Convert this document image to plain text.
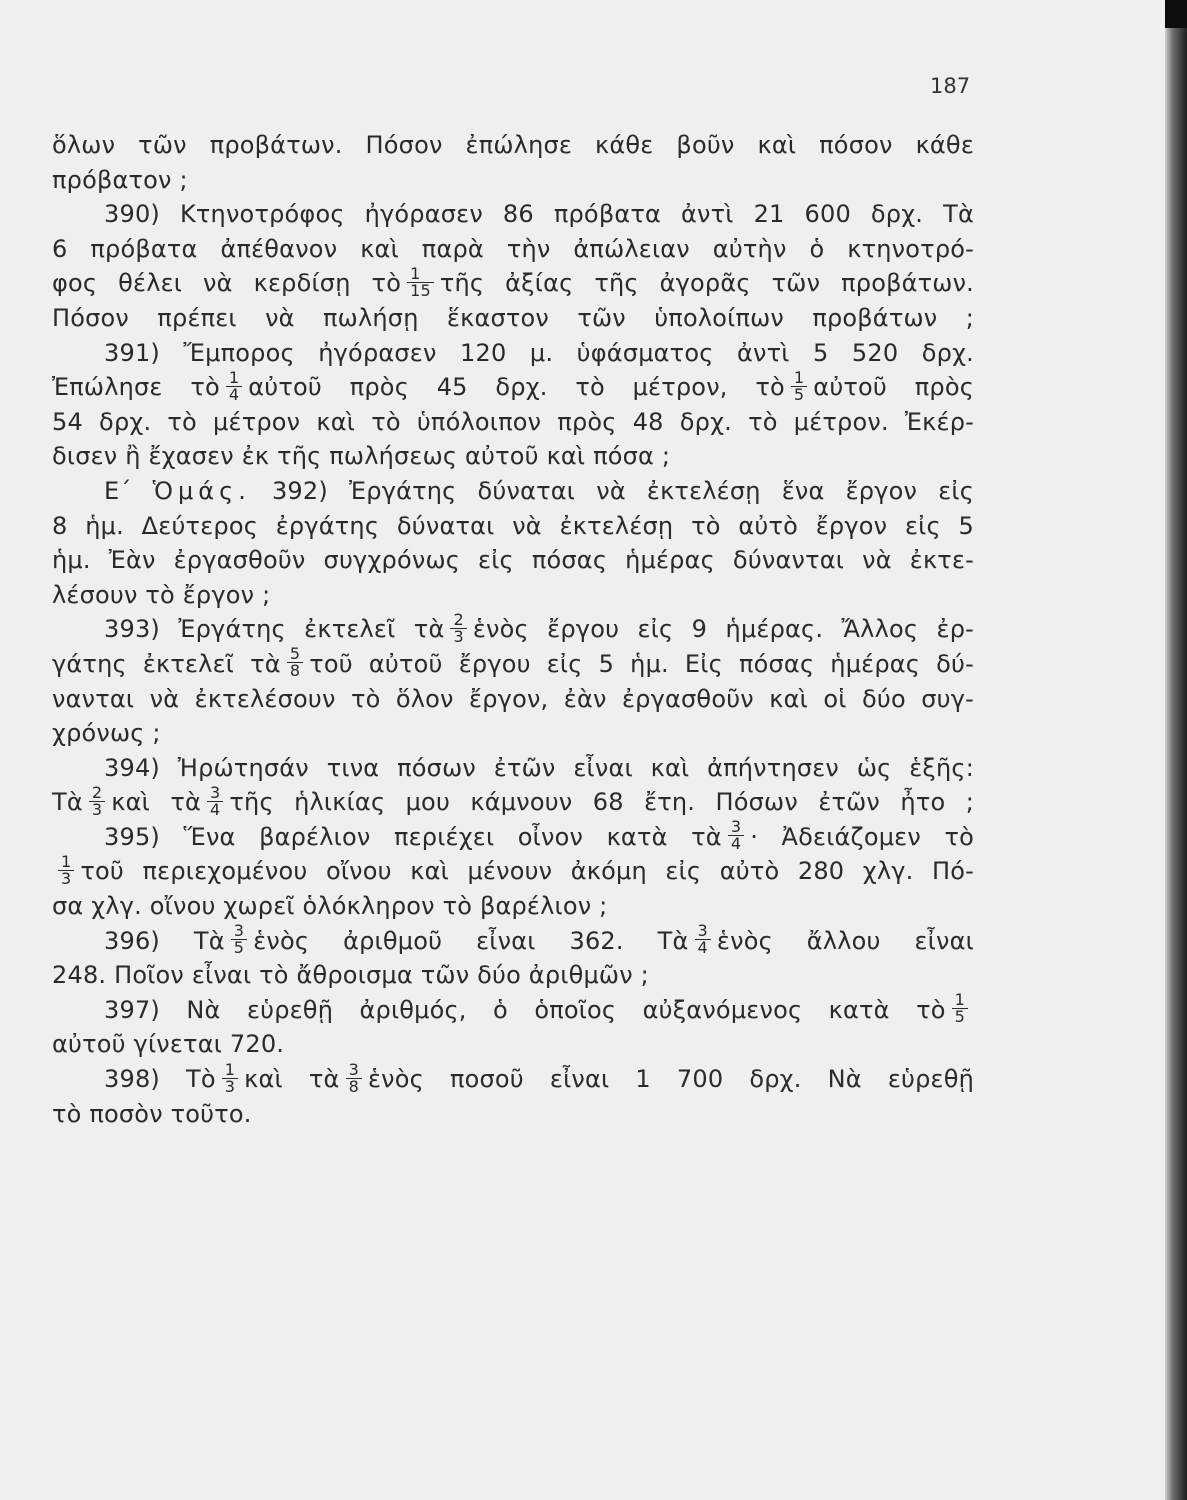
187
ὅλων τῶν προβάτων. Πόσον ἐπώλησε κάθε βοῦν καὶ πόσον κάθε
πρόβατον ;
390) Κτηνοτρόφος ἠγόρασεν 86 πρόβατα ἀντὶ 21 600 δρχ. Τὰ
6 πρόβατα ἀπέθανον καὶ παρὰ τὴν ἀπώλειαν αὐτὴν ὁ κτηνοτρό-
φος θέλει νὰ κερδίσῃ τὸ $\frac{1}{15}$ τῆς ἀξίας τῆς ἀγορᾶς τῶν προβάτων.
Πόσον πρέπει νὰ πωλήσῃ ἕκαστον τῶν ὑπολοίπων προβάτων ;
391) Ἔμπορος ἠγόρασεν 120 μ. ὑφάσματος ἀντὶ 5 520 δρχ.
Ἐπώλησε τὸ $\frac{1}{4}$ αὐτοῦ πρὸς 45 δρχ. τὸ μέτρον, τὸ $\frac{1}{5}$ αὐτοῦ πρὸς
54 δρχ. τὸ μέτρον καὶ τὸ ὑπόλοιπον πρὸς 48 δρχ. τὸ μέτρον. Ἐκέρ-
δισεν ἢ ἔχασεν ἐκ τῆς πωλήσεως αὐτοῦ καὶ πόσα ;
Ε΄ Ὁμάς. 392) Ἐργάτης δύναται νὰ ἐκτελέσῃ ἕνα ἔργον εἰς
8 ἡμ. Δεύτερος ἐργάτης δύναται νὰ ἐκτελέσῃ τὸ αὐτὸ ἔργον εἰς 5
ἡμ. Ἐὰν ἐργασθοῦν συγχρόνως εἰς πόσας ἡμέρας δύνανται νὰ ἐκτε-
λέσουν τὸ ἔργον ;
393) Ἐργάτης ἐκτελεῖ τὰ $\frac{2}{3}$ ἑνὸς ἔργου εἰς 9 ἡμέρας. Ἄλλος ἐρ-
γάτης ἐκτελεῖ τὰ $\frac{5}{8}$ τοῦ αὐτοῦ ἔργου εἰς 5 ἡμ. Εἰς πόσας ἡμέρας δύ-
νανται νὰ ἐκτελέσουν τὸ ὅλον ἔργον, ἐὰν ἐργασθοῦν καὶ οἱ δύο συγ-
χρόνως ;
394) Ἠρώτησάν τινα πόσων ἐτῶν εἶναι καὶ ἀπήντησεν ὡς ἑξῆς:
Τὰ $\frac{2}{3}$ καὶ τὰ $\frac{3}{4}$ τῆς ἡλικίας μου κάμνουν 68 ἔτη. Πόσων ἐτῶν ἦτο ;
395) Ἕνα βαρέλιον περιέχει οἶνον κατὰ τὰ $\frac{3}{4}$ · Ἀδειάζομεν τὸ
$\frac{1}{3}$ τοῦ περιεχομένου οἴνου καὶ μένουν ἀκόμη εἰς αὐτὸ 280 χλγ. Πό-
σα χλγ. οἴνου χωρεῖ ὁλόκληρον τὸ βαρέλιον ;
396) Τὰ $\frac{3}{5}$ ἑνὸς ἀριθμοῦ εἶναι 362. Τὰ $\frac{3}{4}$ ἑνὸς ἄλλου εἶναι
248. Ποῖον εἶναι τὸ ἄθροισμα τῶν δύο ἀριθμῶν ;
397) Νὰ εὑρεθῇ ἀριθμός, ὁ ὁποῖος αὐξανόμενος κατὰ τὸ $\frac{1}{5}$
αὐτοῦ γίνεται 720.
398) Τὸ $\frac{1}{3}$ καὶ τὰ $\frac{3}{8}$ ἑνὸς ποσοῦ εἶναι 1 700 δρχ. Νὰ εὑρεθῇ
τὸ ποσὸν τοῦτο.
